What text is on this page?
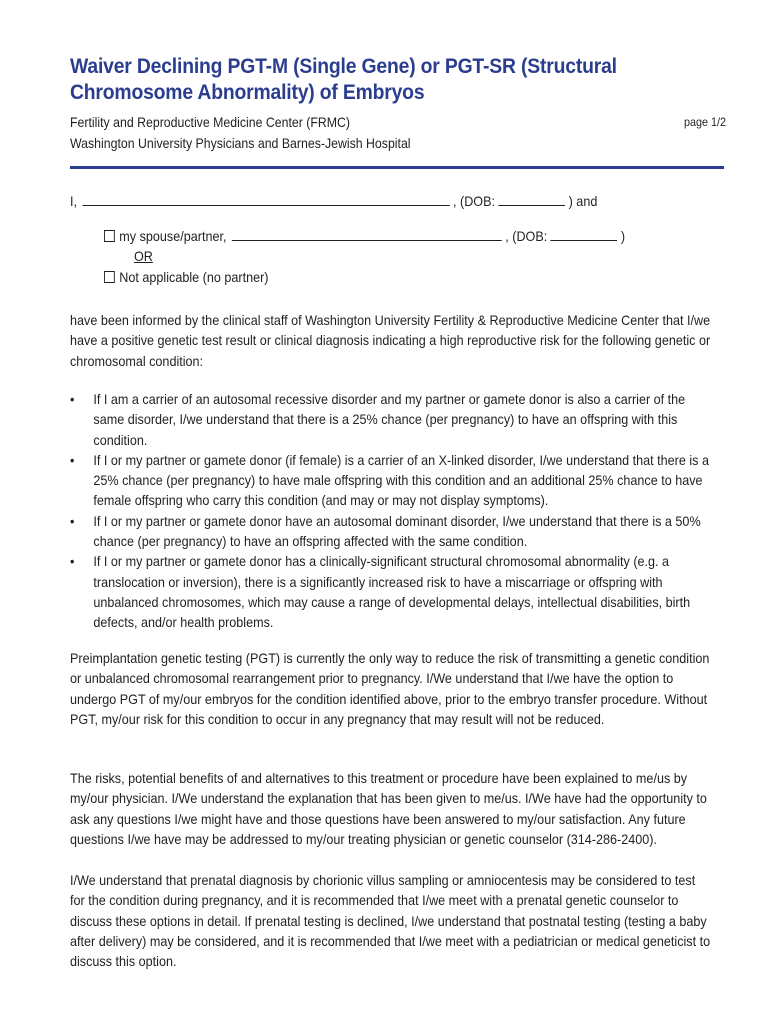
Waiver Declining PGT-M (Single Gene) or PGT-SR (Structural
Chromosome Abnormality) of Embryos
Fertility and Reproductive Medicine Center (FRMC)
Washington University Physicians and Barnes-Jewish Hospital
page 1/2
I,	, (DOB:	) and
my spouse/partner,	, (DOB:	)
OR
Not applicable (no partner)
have been informed by the clinical staff of Washington University Fertility & Reproductive Medicine Center that I/we have a positive genetic test result or clinical diagnosis indicating a high reproductive risk for the following genetic or chromosomal condition:
• If I am a carrier of an autosomal recessive disorder and my partner or gamete donor is also a carrier of the same disorder, I/we understand that there is a 25% chance (per pregnancy) to have an offspring with this condition.
• If I or my partner or gamete donor (if female) is a carrier of an X-linked disorder, I/we understand that there is a 25% chance (per pregnancy) to have male offspring with this condition and an additional 25% chance to have female offspring who carry this condition (and may or may not display symptoms).
• If I or my partner or gamete donor have an autosomal dominant disorder, I/we understand that there is a 50% chance (per pregnancy) to have an offspring affected with the same condition.
• If I or my partner or gamete donor has a clinically-significant structural chromosomal abnormality (e.g. a translocation or inversion), there is a significantly increased risk to have a miscarriage or offspring with unbalanced chromosomes, which may cause a range of developmental delays, intellectual disabilities, birth defects, and/or health problems.
Preimplantation genetic testing (PGT) is currently the only way to reduce the risk of transmitting a genetic condition or unbalanced chromosomal rearrangement prior to pregnancy. I/We understand that I/we have the option to undergo PGT of my/our embryos for the condition identified above, prior to the embryo transfer procedure. Without PGT, my/our risk for this condition to occur in any pregnancy that may result will not be reduced.
The risks, potential benefits of and alternatives to this treatment or procedure have been explained to me/us by my/our physician. I/We understand the explanation that has been given to me/us. I/We have had the opportunity to ask any questions I/we might have and those questions have been answered to my/our satisfaction. Any future questions I/we have may be addressed to my/our treating physician or genetic counselor (314-286-2400).
I/We understand that prenatal diagnosis by chorionic villus sampling or amniocentesis may be considered to test for the condition during pregnancy, and it is recommended that I/we meet with a prenatal genetic counselor to discuss these options in detail. If prenatal testing is declined, I/we understand that postnatal testing (testing a baby after delivery) may be considered, and it is recommended that I/we meet with a pediatrician or medical geneticist to discuss this option.
